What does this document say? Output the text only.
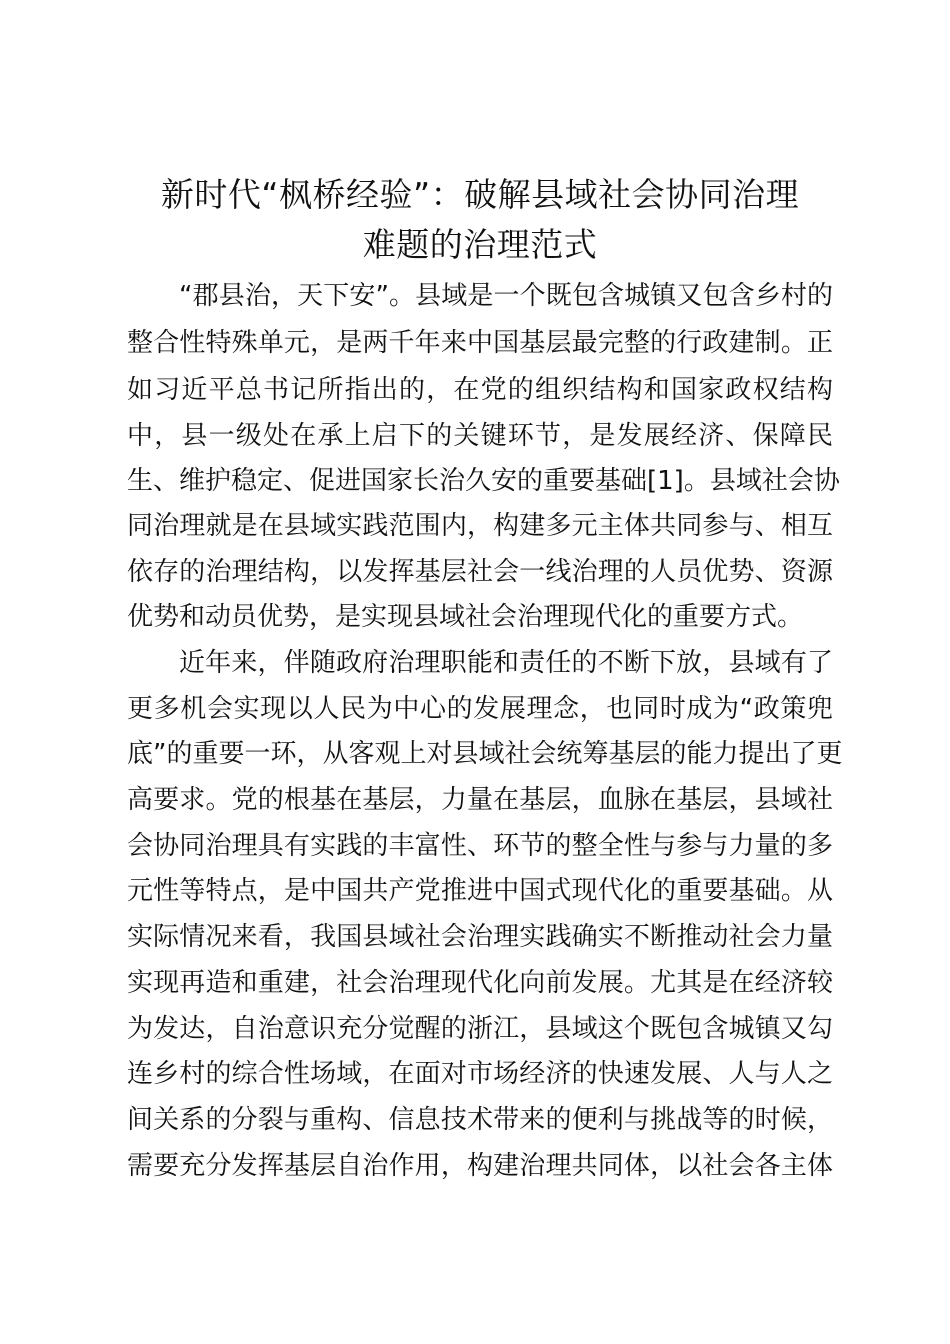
新时代“枫桥经验”：破解县域社会协同治理
难题的治理范式
“郡县治，天下安”。县域是一个既包含城镇又包含乡村的
整合性特殊单元，是两千年来中国基层最完整的行政建制。正
如习近平总书记所指出的，在党的组织结构和国家政权结构
中，县一级处在承上启下的关键环节，是发展经济、保障民
生、维护稳定、促进国家长治久安的重要基础[1]。县域社会协
同治理就是在县域实践范围内，构建多元主体共同参与、相互
依存的治理结构，以发挥基层社会一线治理的人员优势、资源
优势和动员优势，是实现县域社会治理现代化的重要方式。
近年来，伴随政府治理职能和责任的不断下放，县域有了
更多机会实现以人民为中心的发展理念，也同时成为“政策兜
底”的重要一环，从客观上对县域社会统筹基层的能力提出了更
高要求。党的根基在基层，力量在基层，血脉在基层，县域社
会协同治理具有实践的丰富性、环节的整全性与参与力量的多
元性等特点，是中国共产党推进中国式现代化的重要基础。从
实际情况来看，我国县域社会治理实践确实不断推动社会力量
实现再造和重建，社会治理现代化向前发展。尤其是在经济较
为发达，自治意识充分觉醒的浙江，县域这个既包含城镇又勾
连乡村的综合性场域，在面对市场经济的快速发展、人与人之
间关系的分裂与重构、信息技术带来的便利与挑战等的时候，
需要充分发挥基层自治作用，构建治理共同体，以社会各主体
